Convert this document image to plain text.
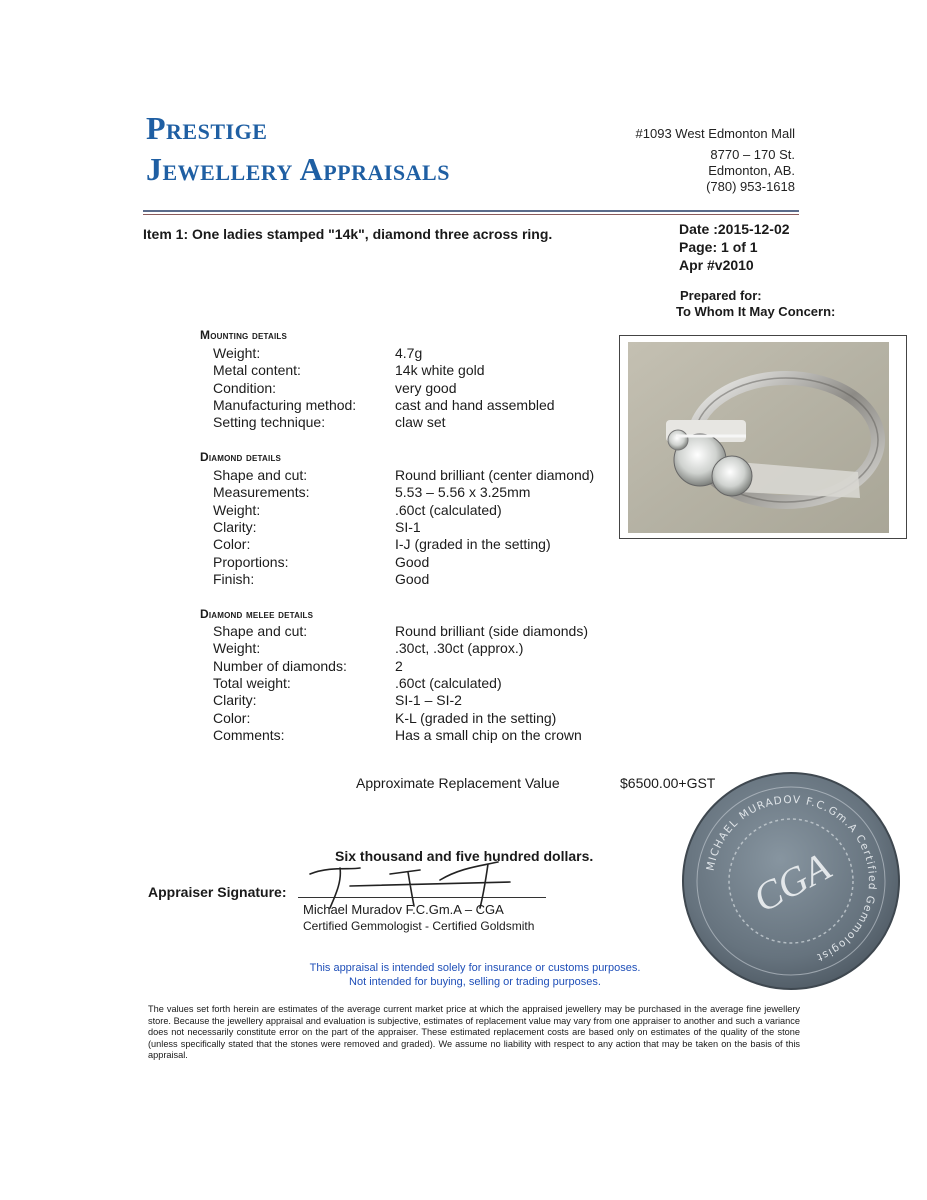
Prestige
Jewellery Appraisals
#1093 West Edmonton Mall
8770 – 170 St.
Edmonton, AB.
(780) 953-1618
Item 1: One ladies stamped "14k", diamond three across ring.	Date :2015-12-02
Page: 1 of 1
Apr #v2010
Prepared for:
To Whom It May Concern:
Mounting details
Weight:	4.7g
Metal content:	14k white gold
Condition:	very good
Manufacturing method:	cast and hand assembled
Setting technique:	claw set
Diamond details
Shape and cut:	Round brilliant (center diamond)
Measurements:	5.53 – 5.56 x 3.25mm
Weight:	.60ct (calculated)
Clarity:	SI-1
Color:	I-J (graded in the setting)
Proportions:	Good
Finish:	Good
Diamond melee details
Shape and cut:	Round brilliant (side diamonds)
Weight:	.30ct, .30ct (approx.)
Number of diamonds:	2
Total weight:	.60ct (calculated)
Clarity:	SI-1 – SI-2
Color:	K-L (graded in the setting)
Comments:	Has a small chip on the crown
Approximate Replacement Value	$6500.00+GST
Six thousand and five hundred dollars.
Appraiser Signature:
Michael Muradov F.C.Gm.A – CGA
Certified Gemmologist - Certified Goldsmith
MICHAEL MURADOV F.C.Gm.A Certified Gemmologist
CGA
This appraisal is intended solely for insurance or customs purposes.
Not intended for buying, selling or trading purposes.
The values set forth herein are estimates of the average current market price at which the appraised jewellery may be purchased in the average fine jewellery store. Because the jewellery appraisal and evaluation is subjective, estimates of replacement value may vary from one appraiser to another and such a variance does not necessarily constitute error on the part of the appraiser. These estimated replacement costs are based only on estimates of the quality of the stone (unless specifically stated that the stones were removed and graded). We assume no liability with respect to any action that may be taken on the basis of this appraisal.
